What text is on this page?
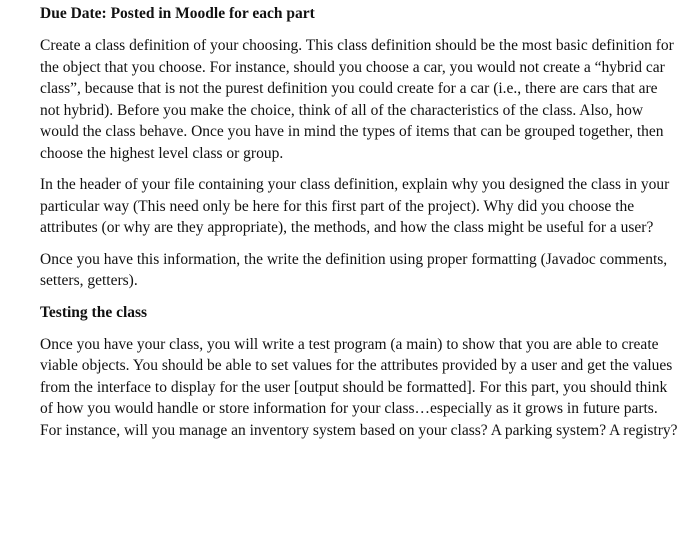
Due Date: Posted in Moodle for each part

Create a class definition of your choosing. This class definition should be the most basic definition for the object that you choose. For instance, should you choose a car, you would not create a “hybrid car class”, because that is not the purest definition you could create for a car (i.e., there are cars that are not hybrid). Before you make the choice, think of all of the characteristics of the class. Also, how would the class behave. Once you have in mind the types of items that can be grouped together, then choose the highest level class or group.

In the header of your file containing your class definition, explain why you designed the class in your particular way (This need only be here for this first part of the project). Why did you choose the attributes (or why are they appropriate), the methods, and how the class might be useful for a user?

Once you have this information, the write the definition using proper formatting (Javadoc comments, setters, getters).

Testing the class

Once you have your class, you will write a test program (a main) to show that you are able to create viable objects. You should be able to set values for the attributes provided by a user and get the values from the interface to display for the user [output should be formatted]. For this part, you should think of how you would handle or store information for your class…especially as it grows in future parts. For instance, will you manage an inventory system based on your class? A parking system? A registry?
